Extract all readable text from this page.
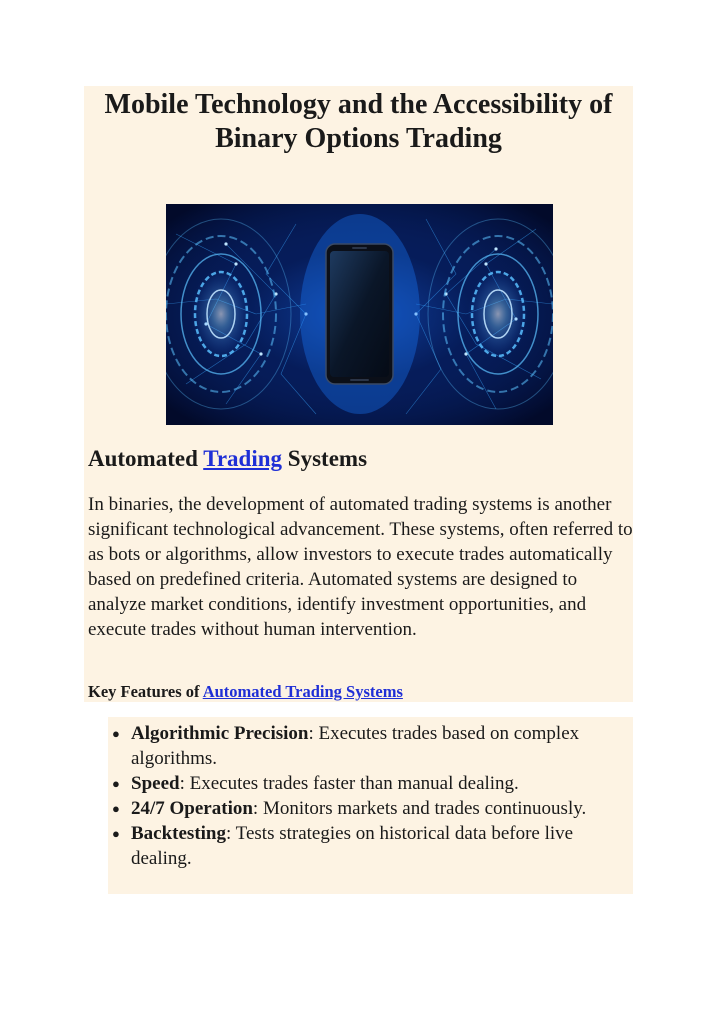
Mobile Technology and the Accessibility of Binary Options Trading
Automated Trading Systems

In binaries, the development of automated trading systems is another significant technological advancement. These systems, often referred to as bots or algorithms, allow investors to execute trades automatically based on predefined criteria. Automated systems are designed to analyze market conditions, identify investment opportunities, and execute trades without human intervention.

Key Features of Automated Trading Systems
● Algorithmic Precision: Executes trades based on complex algorithms.
● Speed: Executes trades faster than manual dealing.
● 24/7 Operation: Monitors markets and trades continuously.
● Backtesting: Tests strategies on historical data before live dealing.
